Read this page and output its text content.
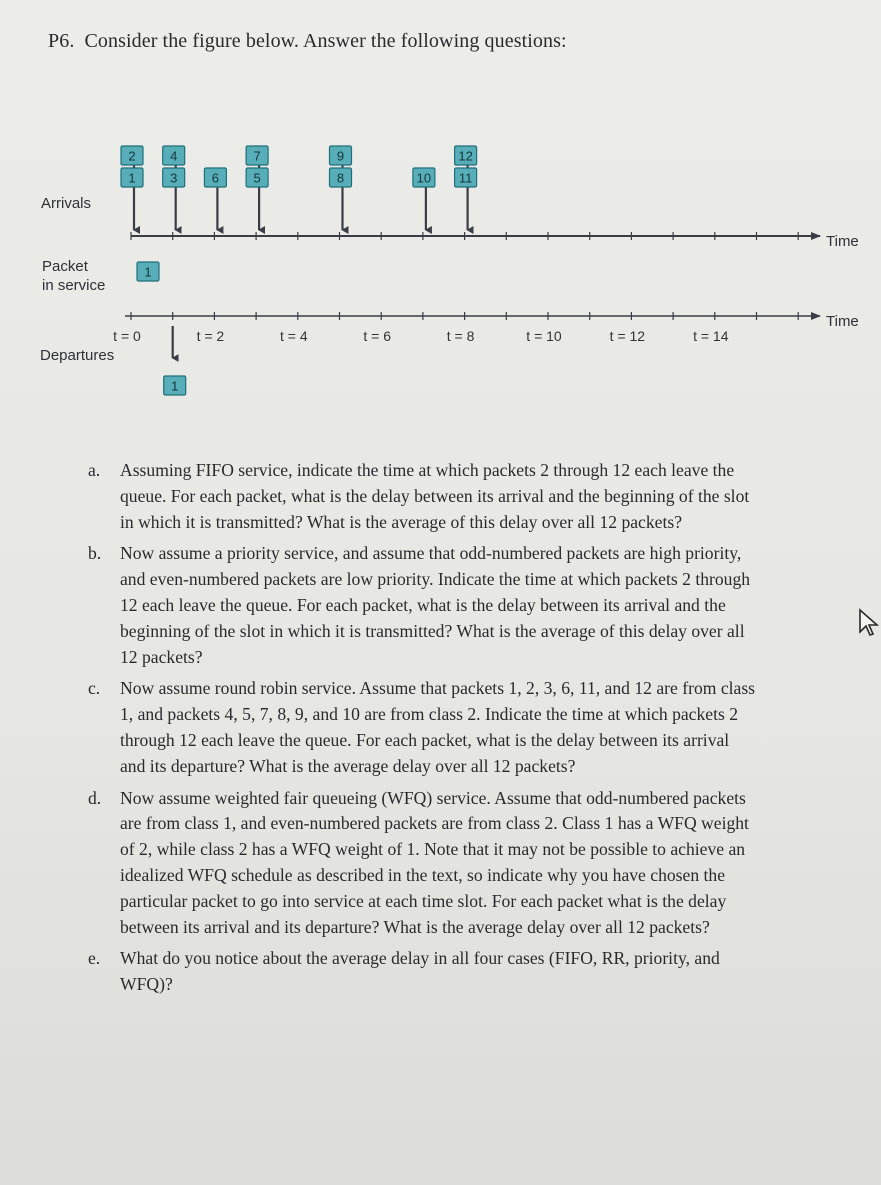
P6. Consider the figure below. Answer the following questions:
Arrivals
Packet
in service
Departures
Time
Time
1
2
3
4
6	5
7
8
9
10 11
12
1
1
t = 0	t = 2	t = 4	t = 6	t = 8	t = 10	t = 12	t = 14
a. Assuming FIFO service, indicate the time at which packets 2 through 12 each leave the queue. For each packet, what is the delay between its arrival and the beginning of the slot in which it is transmitted? What is the average of this delay over all 12 packets?
b. Now assume a priority service, and assume that odd-numbered packets are high priority, and even-numbered packets are low priority. Indicate the time at which packets 2 through 12 each leave the queue. For each packet, what is the delay between its arrival and the beginning of the slot in which it is transmitted? What is the average of this delay over all 12 packets?
c. Now assume round robin service. Assume that packets 1, 2, 3, 6, 11, and 12 are from class 1, and packets 4, 5, 7, 8, 9, and 10 are from class 2. Indicate the time at which packets 2 through 12 each leave the queue. For each packet, what is the delay between its arrival and its departure? What is the average delay over all 12 packets?
d. Now assume weighted fair queueing (WFQ) service. Assume that odd-numbered packets are from class 1, and even-numbered packets are from class 2. Class 1 has a WFQ weight of 2, while class 2 has a WFQ weight of 1. Note that it may not be possible to achieve an idealized WFQ schedule as described in the text, so indicate why you have chosen the particular packet to go into service at each time slot. For each packet what is the delay between its arrival and its departure? What is the average delay over all 12 packets?
e. What do you notice about the average delay in all four cases (FIFO, RR, priority, and WFQ)?
